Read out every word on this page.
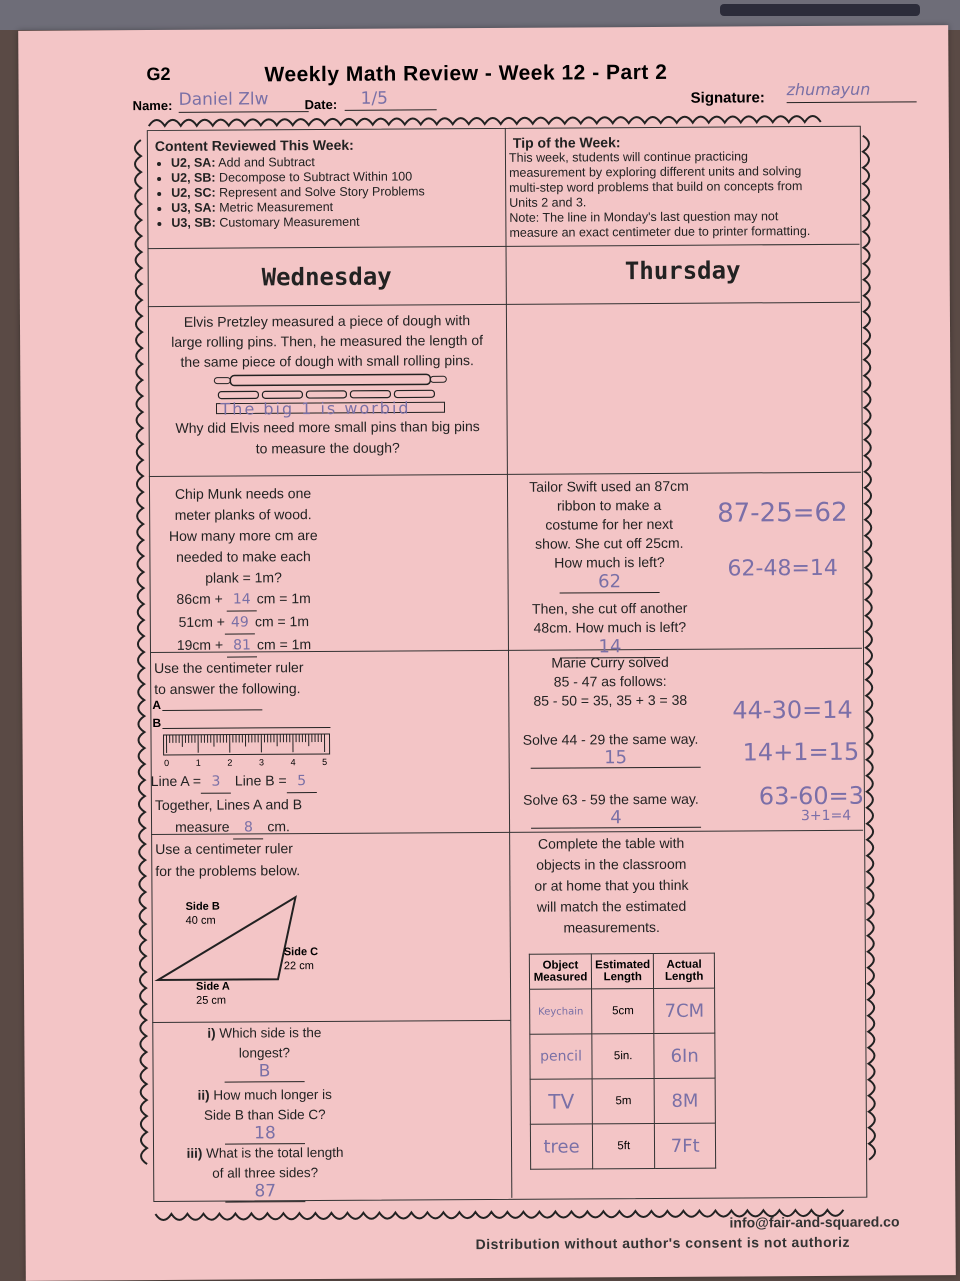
G2	Weekly Math Review - Week 12 - Part 2
Name: Daniel Zlw	Date:	1/5	Signature: zhumayun
Content Reviewed This Week:
• U2, SA: Add and Subtract
• U2, SB: Decompose to Subtract Within 100
• U2, SC: Represent and Solve Story Problems
• U3, SA: Metric Measurement
• U3, SB: Customary Measurement
Tip of the Week:
This week, students will continue practicing
measurement by exploring different units and solving
multi-step word problems that build on concepts from
Units 2 and 3.
Note: The line in Monday's last question may not
measure an exact centimeter due to printer formatting.
Wednesday	Thursday
Elvis Pretzley measured a piece of dough with
large rolling pins. Then, he measured the length of
the same piece of dough with small rolling pins.
The big 1 is worbid
Why did Elvis need more small pins than big pins
to measure the dough?
Chip Munk needs one
meter planks of wood.
How many more cm are
needed to make each
plank = 1m?
86cm + 14 cm = 1m
51cm + 49 cm = 1m
19cm + 81 cm = 1m
Tailor Swift used an 87cm
ribbon to make a
costume for her next
show. She cut off 25cm.
How much is left?
62
Then, she cut off another
48cm. How much is left?
14
87-25=62
62-48=14
Use the centimeter ruler
to answer the following.
A
B
0	1	2	3	4	5
Line A = 3 Line B = 5
Together, Lines A and B
measure 8 cm.
Marie Curry solved
85 - 47 as follows:
85 - 50 = 35, 35 + 3 = 38
Solve 44 - 29 the same way.
15
Solve 63 - 59 the same way.
4
44-30=14
14+1=15
63-60=3
3+1=4
Use a centimeter ruler
for the problems below.
Side B
40 cm
Side C
22 cm
Side A
25 cm
i) Which side is the
longest?
B
ii) How much longer is
Side B than Side C?
18
iii) What is the total length
of all three sides?
87
Complete the table with
objects in the classroom
or at home that you think
will match the estimated
measurements.
Object Measured	Estimated Length	Actual Length
Keychain	5cm	7CM
pencil	5in.	6In
TV	5m	8M
tree	5ft	7Ft
info@fair-and-squared.co
Distribution without author's consent is not authoriz
